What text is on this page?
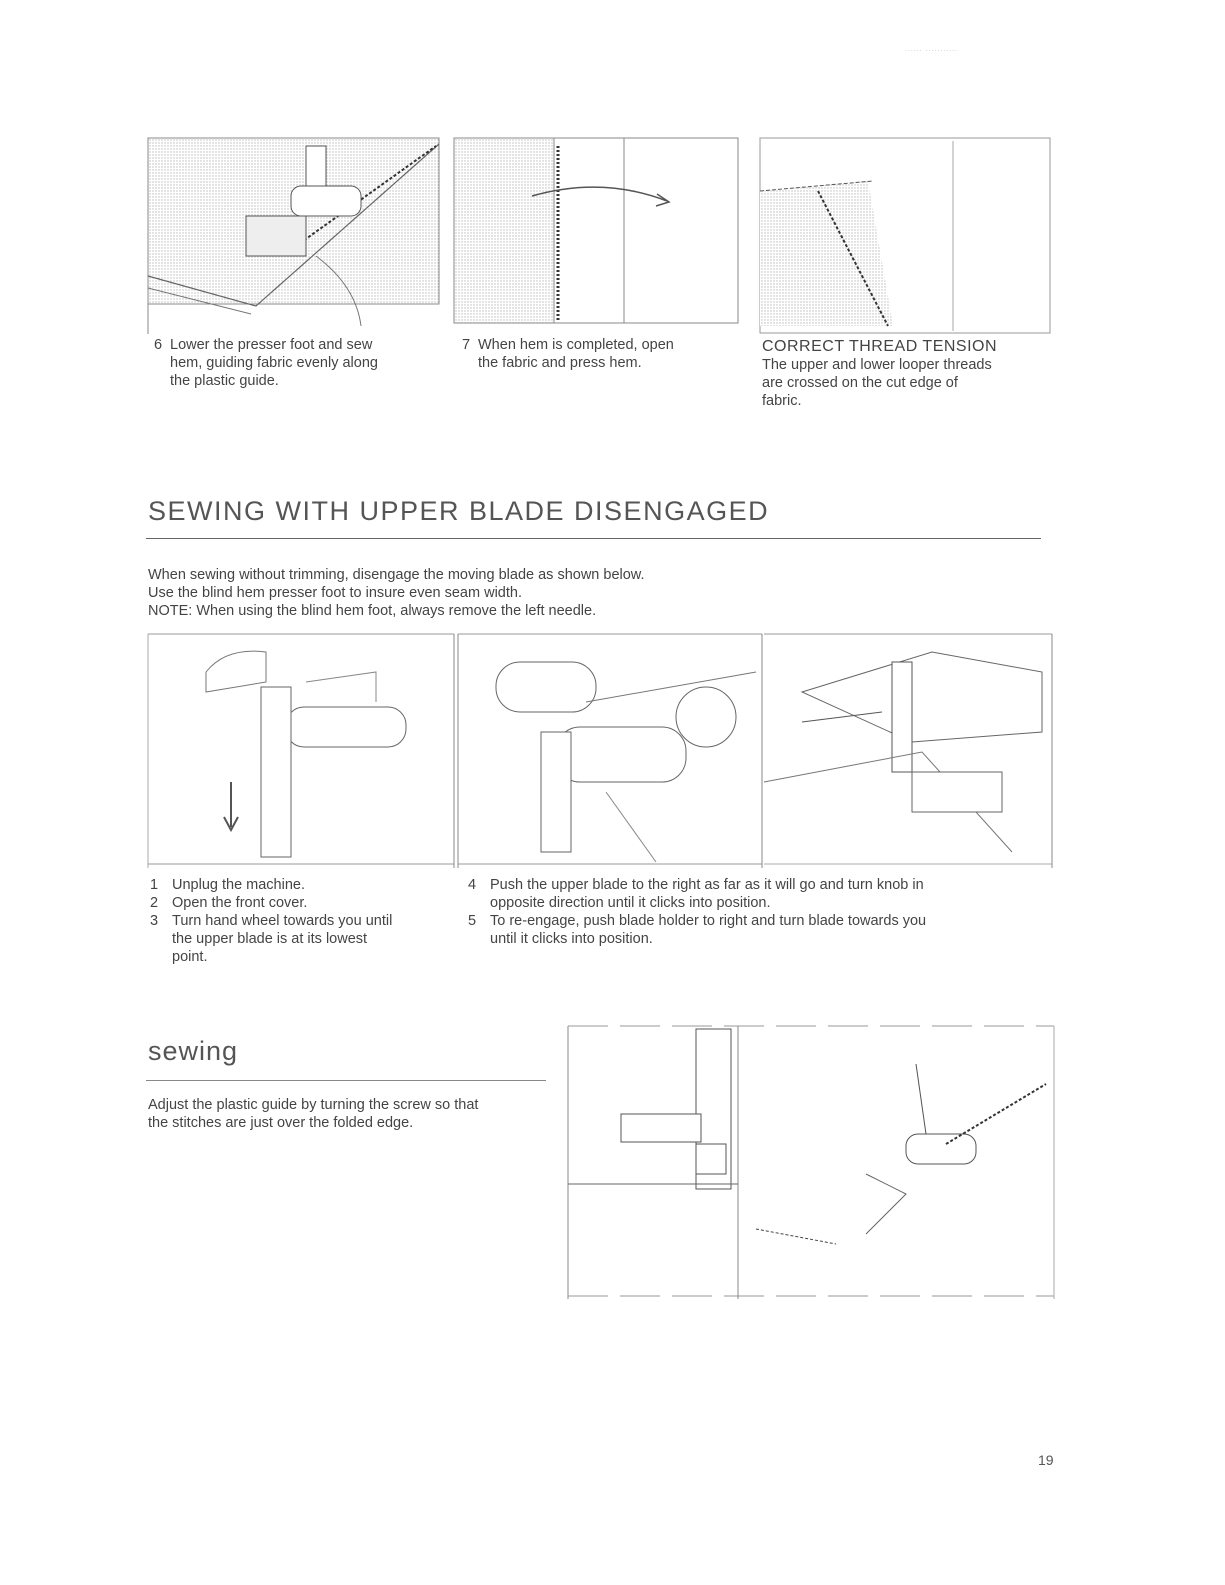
...... ...........
6 Lower the presser foot and sew
hem, guiding fabric evenly along
the plastic guide.
7 When hem is completed, open
the fabric and press hem.
CORRECT THREAD TENSION
The upper and lower looper threads
are crossed on the cut edge of
fabric.
SEWING WITH UPPER BLADE DISENGAGED
When sewing without trimming, disengage the moving blade as shown below.
Use the blind hem presser foot to insure even seam width.
NOTE: When using the blind hem foot, always remove the left needle.
1 Unplug the machine.
2 Open the front cover.
3 Turn hand wheel towards you until
the upper blade is at its lowest
point.
4 Push the upper blade to the right as far as it will go and turn knob in
opposite direction until it clicks into position.
5 To re-engage, push blade holder to right and turn blade towards you
until it clicks into position.
sewing
Adjust the plastic guide by turning the screw so that
the stitches are just over the folded edge.
19
